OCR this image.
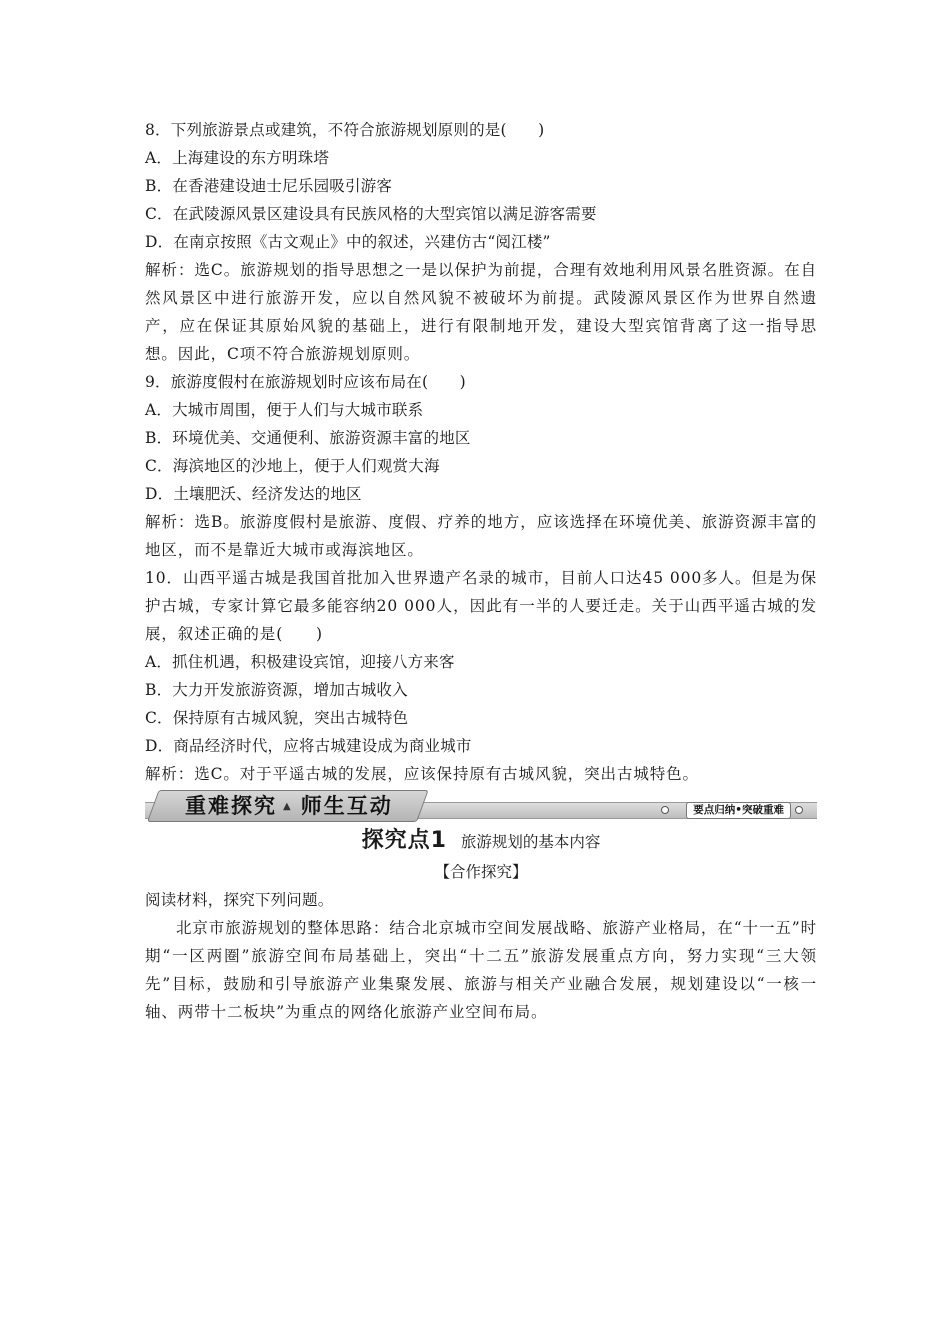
8．下列旅游景点或建筑，不符合旅游规划原则的是(　　)
A．上海建设的东方明珠塔
B．在香港建设迪士尼乐园吸引游客
C．在武陵源风景区建设具有民族风格的大型宾馆以满足游客需要
D．在南京按照《古文观止》中的叙述，兴建仿古“阅江楼”
解析：选C。旅游规划的指导思想之一是以保护为前提，合理有效地利用风景名胜资源。在自然风景区中进行旅游开发，应以自然风貌不被破坏为前提。武陵源风景区作为世界自然遗产，应在保证其原始风貌的基础上，进行有限制地开发，建设大型宾馆背离了这一指导思想。因此，C项不符合旅游规划原则。
9．旅游度假村在旅游规划时应该布局在(　　)
A．大城市周围，便于人们与大城市联系
B．环境优美、交通便利、旅游资源丰富的地区
C．海滨地区的沙地上，便于人们观赏大海
D．土壤肥沃、经济发达的地区
解析：选B。旅游度假村是旅游、度假、疗养的地方，应该选择在环境优美、旅游资源丰富的地区，而不是靠近大城市或海滨地区。
10．山西平遥古城是我国首批加入世界遗产名录的城市，目前人口达45 000多人。但是为保护古城，专家计算它最多能容纳20 000人，因此有一半的人要迁走。关于山西平遥古城的发展，叙述正确的是(　　)
A．抓住机遇，积极建设宾馆，迎接八方来客
B．大力开发旅游资源，增加古城收入
C．保持原有古城风貌，突出古城特色
D．商品经济时代，应将古城建设成为商业城市
解析：选C。对于平遥古城的发展，应该保持原有古城风貌，突出古城特色。
重难探究 ▲ 师生互动	要点归纳•突破重难
探究点1 旅游规划的基本内容
【合作探究】
阅读材料，探究下列问题。
北京市旅游规划的整体思路：结合北京城市空间发展战略、旅游产业格局，在“十一五”时期“一区两圈”旅游空间布局基础上，突出“十二五”旅游发展重点方向，努力实现“三大领先”目标，鼓励和引导旅游产业集聚发展、旅游与相关产业融合发展，规划建设以“一核一轴、两带十二板块”为重点的网络化旅游产业空间布局。
